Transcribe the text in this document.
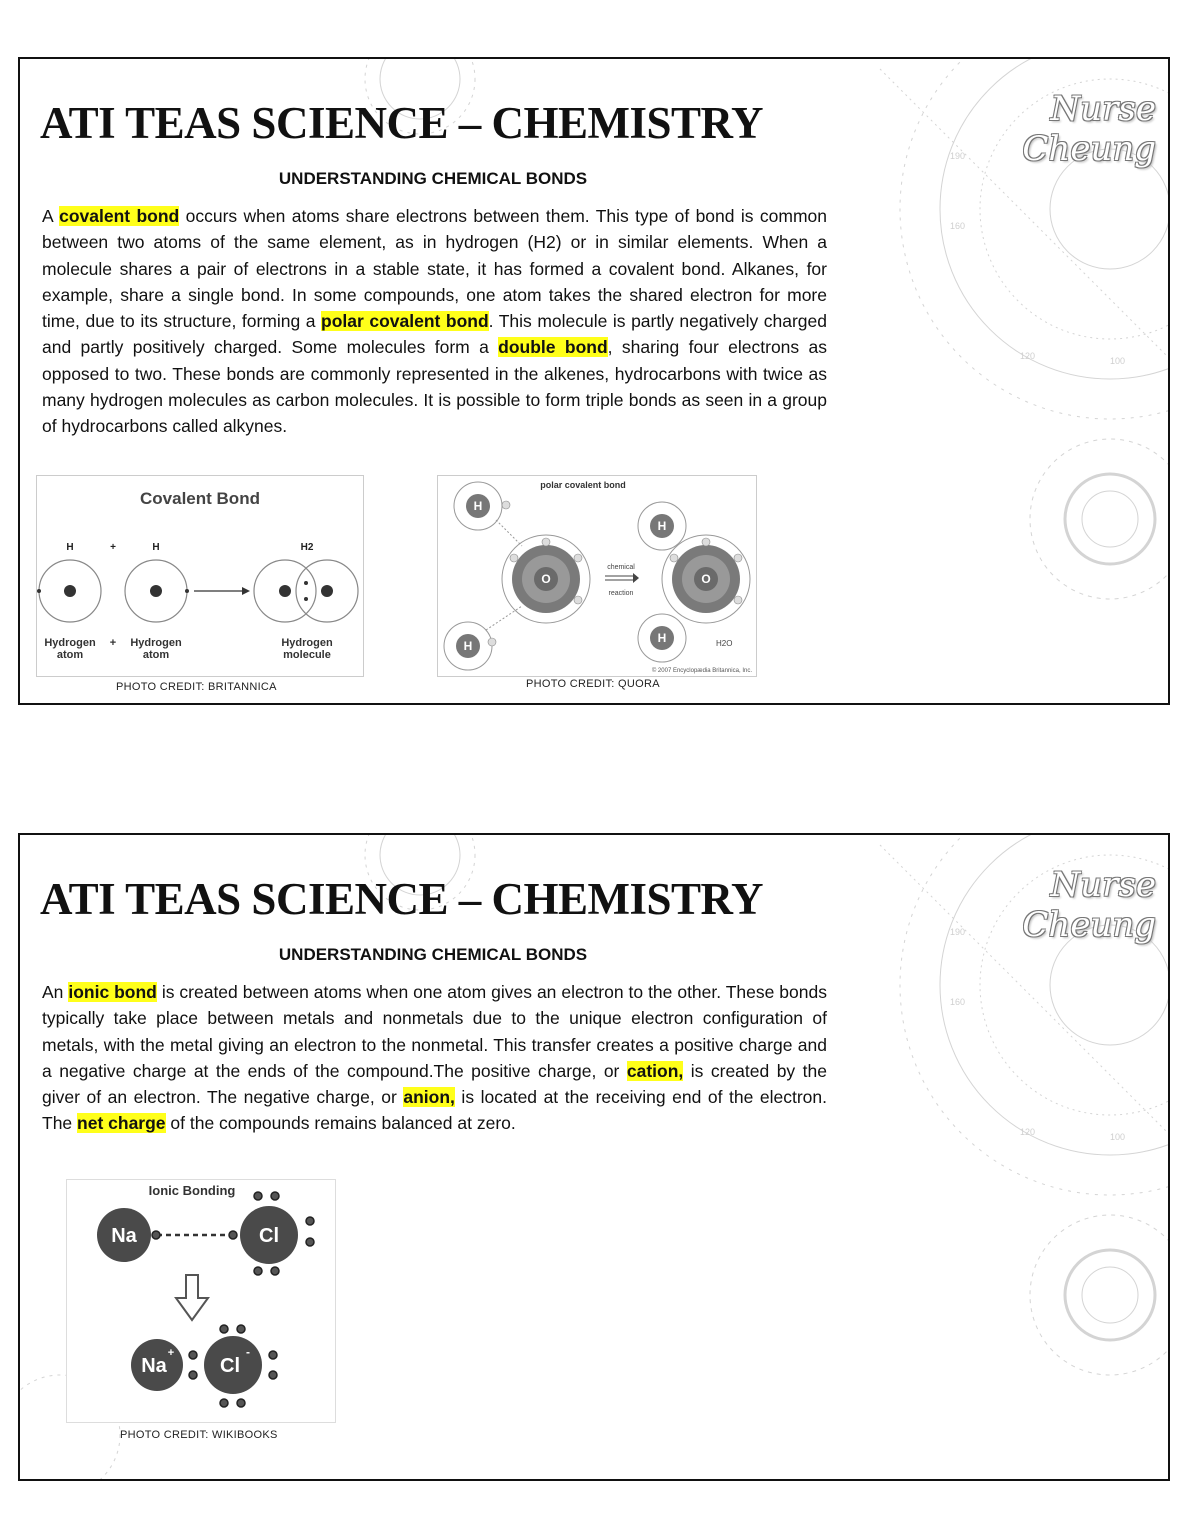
160
190
120	100
Nurse
Cheung
ATI TEAS SCIENCE – CHEMISTRY
UNDERSTANDING CHEMICAL BONDS

A covalent bond occurs when atoms share electrons between them. This type of bond is common between two atoms of the same element, as in hydrogen (H2) or in similar elements. When a molecule shares a pair of electrons in a stable state, it has formed a covalent bond. Alkanes, for example, share a single bond. In some compounds, one atom takes the shared electron for more time, due to its structure, forming a polar covalent bond. This molecule is partly negatively charged and partly positively charged. Some molecules form a double bond, sharing four electrons as opposed to two. These bonds are commonly represented in the alkenes, hydrocarbons with twice as many hydrogen molecules as carbon molecules. It is possible to form triple bonds as seen in a group of hydrocarbons called alkynes.

Covalent Bond
H	+	H	H2
Hydrogen
atom
+ Hydrogen
atom
Hydrogen
molecule
PHOTO CREDIT: BRITANNICA
polar covalent bond
O	O
H
H
H
H
chemical
reaction
H2O
© 2007 Encyclopædia Britannica, Inc.
PHOTO CREDIT: QUORA
160
190
120	100
Nurse
Cheung
ATI TEAS SCIENCE – CHEMISTRY
UNDERSTANDING CHEMICAL BONDS

An ionic bond is created between atoms when one atom gives an electron to the other. These bonds typically take place between metals and nonmetals due to the unique electron configuration of metals, with the metal giving an electron to the nonmetal. This transfer creates a positive charge and a negative charge at the ends of the compound.The positive charge, or cation, is created by the giver of an electron. The negative charge, or anion, is located at the receiving end of the electron. The net charge of the compounds remains balanced at zero.

Ionic Bonding
Na	Cl
Na
+
Cl
-
PHOTO CREDIT: WIKIBOOKS
